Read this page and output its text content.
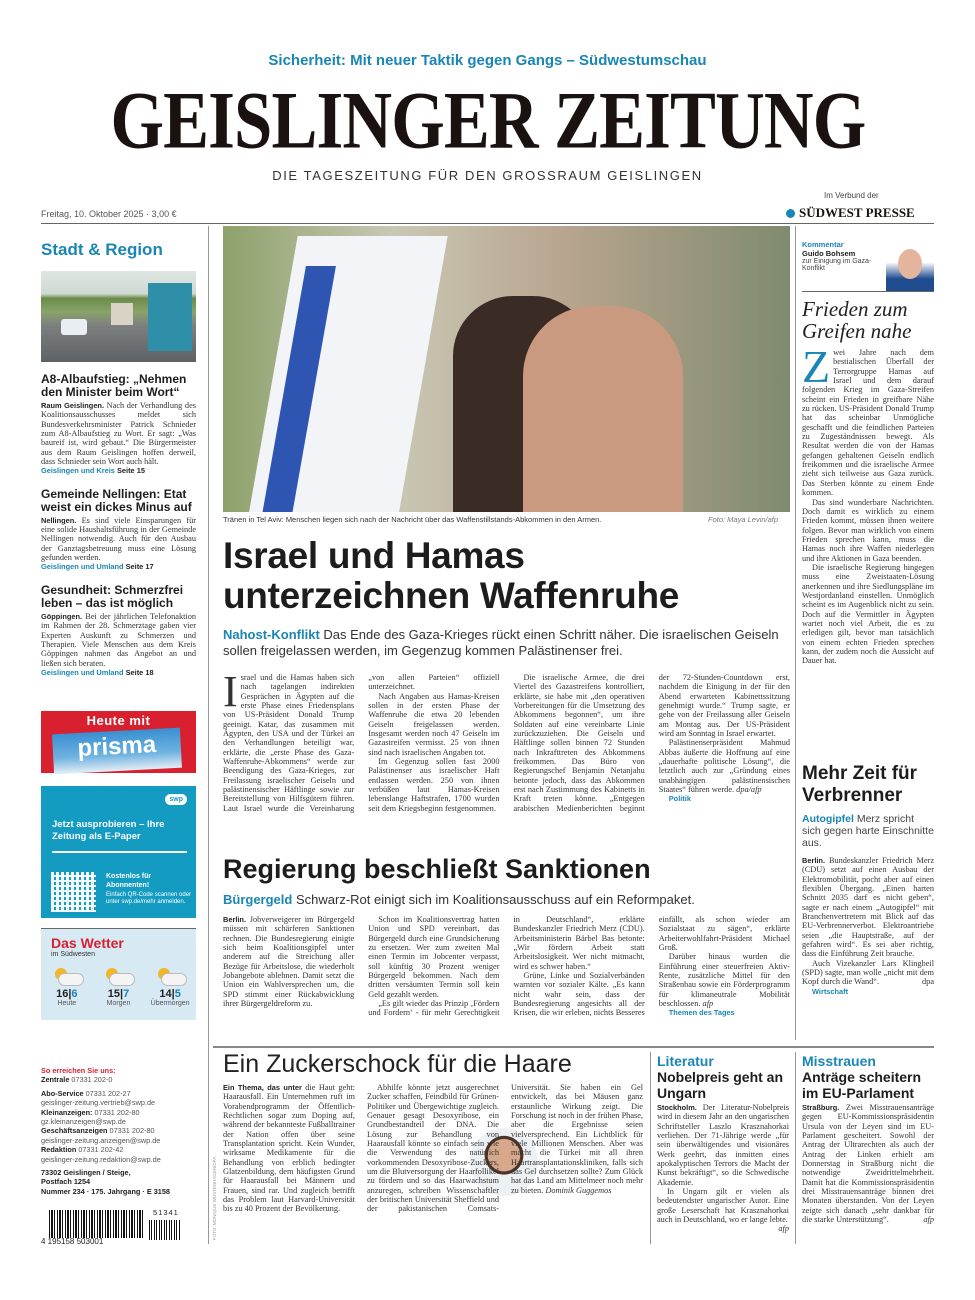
Sicherheit: Mit neuer Taktik gegen Gangs – Südwestumschau
GEISLINGER ZEITUNG
DIE TAGESZEITUNG FÜR DEN GROSSRAUM GEISLINGEN
Freitag, 10. Oktober 2025 · 3,00 €
Im Verbund der
SÜDWEST PRESSE
Stadt & Region
A8-Albaufstieg: „Nehmen den Minister beim Wort“

Raum Geislingen. Nach der Verhandlung des Koalitionsausschusses meldet sich Bundesverkehrsminister Patrick Schnieder zum A8-Albaufstieg zu Wort. Er sagt: „Was baureif ist, wird gebaut.“ Die Bürgermeister aus dem Raum Geislingen hoffen derweil, dass Schnieder sein Wort auch hält.
Geislingen und Kreis Seite 15

Gemeinde Nellingen: Etat weist ein dickes Minus auf

Nellingen. Es sind viele Einsparungen für eine solide Haushaltsführung in der Gemeinde Nellingen notwendig. Auch für den Ausbau der Ganztagsbetreuung muss eine Lösung gefunden werden.
Geislingen und Umland Seite 17

Gesundheit: Schmerzfrei leben – das ist möglich

Göppingen. Bei der jährlichen Telefonaktion im Rahmen der 28. Schmerztage gaben vier Experten Auskunft zu Schmerzen und Therapien. Viele Menschen aus dem Kreis Göppingen nahmen das Angebot an und ließen sich beraten.
Geislingen und Umland Seite 18

Heute mit
prisma
swp
Jetzt ausprobieren – Ihre Zeitung als E-Paper
Kostenlos für Abonnenten!
Einfach QR-Code scannen oder unter swp.de/mehr anmelden.
Das Wetter
im Südwesten
16|6
Heute
15|7
Morgen
14|5
Übermorgen
So erreichen Sie uns:
Zentrale 07331 202-0
Abo-Service 07331 202-27
geislinger-zeitung.vertrieb@swp.de
Kleinanzeigen: 07331 202-80
gz.kleinanzeigen@swp.de
Geschäftsanzeigen 07331 202-80
geislinger-zeitung.anzeigen@swp.de
Redaktion 07331 202-42
geislinger-zeitung.redaktion@swp.de
73302 Geislingen / Steige,
Postfach 1254
Nummer 234 · 175. Jahrgang · E 3158
51341
4 195158 503001
Tränen in Tel Aviv: Menschen liegen sich nach der Nachricht über das Waffenstillstands-Abkommen in den Armen.	Foto: Maya Levin/afp
Israel und Hamas
unterzeichnen Waffenruhe
Nahost-Konflikt Das Ende des Gaza-Krieges rückt einen Schritt näher. Die israelischen Geiseln sollen freigelassen werden, im Gegenzug kommen Palästinenser frei.

Israel und die Hamas haben sich nach tagelangen indirekten Gesprächen in Ägypten auf die erste Phase eines Friedensplans von US-Präsident Donald Trump geeinigt. Katar, das zusammen mit Ägypten, den USA und der Türkei an den Verhandlungen beteiligt war, erklärte, die „erste Phase des Gaza-Waffenruhe-Abkommens“ werde zur Beendigung des Gaza-Krieges, zur Freilassung israelischer Geiseln und palästinensischer Häftlinge sowie zur Bereitstellung von Hilfsgütern führen. Laut Israel wurde die Vereinbarung „von allen Parteien“ offiziell unterzeichnet.

Nach Angaben aus Hamas-Kreisen sollen in der ersten Phase der Waffenruhe die etwa 20 lebenden Geiseln freigelassen werden. Insgesamt werden noch 47 Geiseln im Gazastreifen vermisst. 25 von ihnen sind nach israelischen Angaben tot.

Im Gegenzug sollen fast 2000 Palästinenser aus israelischer Haft entlassen werden. 250 von ihnen verbüßen laut Hamas-Kreisen lebenslange Haftstrafen, 1700 wurden seit dem Kriegsbeginn festgenommen.

Die israelische Armee, die drei Viertel des Gazastreifens kontrolliert, erklärte, sie habe mit „den operativen Vorbereitungen für die Umsetzung des Abkommens begonnen“, um ihre Soldaten auf eine vereinbarte Linie zurückzuziehen. Die Geiseln und Häftlinge sollen binnen 72 Stunden nach Inkrafttreten des Abkommens freikommen. Das Büro von Regierungschef Benjamin Netanjahu betonte jedoch, dass das Abkommen erst nach Zustimmung des Kabinetts in Kraft treten könne. „Entgegen arabischen Medienberichten beginnt der 72-Stunden-Countdown erst, nachdem die Einigung in der für den Abend erwarteten Kabinettssitzung genehmigt wurde.“ Trump sagte, er gehe von der Freilassung aller Geiseln am Montag aus. Der US-Präsident wird am Sonntag in Israel erwartet.

Palästinenserpräsident Mahmud Abbas äußerte die Hoffnung auf eine „dauerhafte politische Lösung“, die letztlich auch zur „Gründung eines unabhängigen palästinensischen Staates“ führen werde. dpa/afp
Politik

Regierung beschließt Sanktionen
Bürgergeld Schwarz-Rot einigt sich im Koalitionsausschuss auf ein Reformpaket.

Berlin. Jobverweigerer im Bürgergeld müssen mit schärferen Sanktionen rechnen. Die Bundesregierung einigte sich beim Koalitionsgipfel unter anderem auf die Streichung aller Bezüge für Arbeitslose, die wiederholt Jobangebote ablehnen. Damit setzt die Union ein Wahlversprechen um, die SPD stimmt einer Rückabwicklung ihrer Bürgergeldreform zu.

Schon im Koalitionsvertrag hatten Union und SPD vereinbart, das Bürgergeld durch eine Grundsicherung zu ersetzen. Wer zum zweiten Mal einen Termin im Jobcenter verpasst, soll künftig 30 Prozent weniger Bürgergeld bekommen. Nach dem dritten versäumten Termin soll kein Geld gezahlt werden.

„Es gilt wieder das Prinzip ‚Fördern und Fordern‘ - für mehr Gerechtigkeit in Deutschland“, erklärte Bundeskanzler Friedrich Merz (CDU). Arbeitsministerin Bärbel Bas betonte: „Wir fördern Arbeit statt Arbeitslosigkeit. Wer nicht mitmacht, wird es schwer haben.“

Grüne, Linke und Sozialverbänden warnten vor sozialer Kälte. „Es kann nicht wahr sein, dass der Bundesregierung angesichts all der Krisen, die wir erleben, nichts Besseres einfällt, als schon wieder am Sozialstaat zu sägen“, erklärte Arbeiterwohlfahrt-Präsident Michael Groß.

Darüber hinaus wurden die Einführung einer steuerfreien Aktiv-Rente, zusätzliche Mittel für den Straßenbau sowie ein Förderprogramm für klimaneutrale Mobilität beschlossen. afp
Themen des Tages

Kommentar
Guido Bohsem
zur Einigung im Gaza-Konflikt
Frieden zum Greifen nahe

Zwei Jahre nach dem bestialischen Überfall der Terrorgruppe Hamas auf Israel und dem darauf folgenden Krieg im Gaza-Streifen scheint ein Frieden in greifbare Nähe zu rücken. US-Präsident Donald Trump hat das scheinbar Unmögliche geschafft und die feindlichen Parteien zu Zugeständnissen bewegt. Als Resultat werden die von der Hamas gefangen gehaltenen Geiseln endlich freikommen und die israelische Armee zieht sich teilweise aus Gaza zurück. Das Sterben könnte zu einem Ende kommen.

Das sind wunderbare Nachrichten. Doch damit es wirklich zu einem Frieden kommt, müssen ihnen weitere folgen. Bevor man wirklich von einem Frieden sprechen kann, muss die Hamas noch ihre Waffen niederlegen und ihre Aktionen in Gaza beenden.

Die israelische Regierung hingegen muss eine Zweistaaten-Lösung anerkennen und ihre Siedlungspläne im Westjordanland einstellen. Unmöglich scheint es im Augenblick nicht zu sein. Doch auf die Vermittler in Ägypten wartet noch viel Arbeit, die es zu erledigen gilt, bevor man tatsächlich von einem echten Frieden sprechen kann, der zudem noch die Aussicht auf Dauer hat.

Mehr Zeit für Verbrenner
Autogipfel Merz spricht sich gegen harte Einschnitte aus.

Berlin. Bundeskanzler Friedrich Merz (CDU) setzt auf einen Ausbau der Elektromobilität, pocht aber auf einen flexiblen Übergang. „Einen harten Schnitt 2035 darf es nicht geben“, sagte er nach einem „Autogipfel“ mit Branchenvertretern mit Blick auf das EU-Verbrennerverbot. Elektroantriebe seien „die Hauptstraße, auf der gefahren wird“. Es sei aber richtig, dass die Einführung Zeit brauche.

Auch Vizekanzler Lars Klingbeil (SPD) sagte, man wolle „nicht mit dem Kopf durch die Wand“.	dpa
Wirtschaft

Ein Zuckerschock für die Haare
FOTO: MONIQUE WÜSTENHAGEN/DPA

Ein Thema, das unter die Haut geht: Haarausfall. Ein Unternehmen ruft im Vorabendprogramm der Öffentlich-Rechtlichen sogar zum Doping auf, während der bekannteste Fußballtrainer der Nation offen über seine Transplantation spricht. Kein Wunder, wirksame Medikamente für die Behandlung von erblich bedingter Glatzenbildung, dem häufigsten Grund für Haarausfall bei Männern und Frauen, sind rar. Und zugleich betrifft das Problem laut Harvard-Universität bis zu 40 Prozent der Bevölkerung.

Abhilfe könnte jetzt ausgerechnet Zucker schaffen, Feindbild für Grünen-Politiker und Übergewichtige zugleich. Genauer gesagt Desoxyribose, ein Grundbestandteil der DNA. Die Lösung zur Behandlung von Haarausfall könnte so einfach sein wie die Verwendung des natürlich vorkommenden Desoxyribose-Zuckers, um die Blutversorgung der Haarfollikel zu fördern und so das Haarwachstum anzuregen, schreiben Wissenschaftler der britischen Universität Sheffield und der pakistanischen Comsats-Universität. Sie haben ein Gel entwickelt, das bei Mäusen ganz erstaunliche Wirkung zeigt. Die Forschung ist noch in der frühen Phase, aber die Ergebnisse seien vielversprechend. Ein Lichtblick für viele Millionen Menschen. Aber was macht die Türkei mit all ihren Haartransplantationskliniken, falls sich das Gel durchsetzen sollte? Zum Glück hat das Land am Mittelmeer noch mehr zu bieten. Dominik Guggemos

Literatur
Nobelpreis geht an Ungarn

Stockholm. Der Literatur-Nobelpreis wird in diesem Jahr an den ungarischen Schriftsteller Laszlo Krasznahorkai verliehen. Der 71-Jährige werde „für sein überwältigendes und visionäres Werk geehrt, das inmitten eines apokalyptischen Terrors die Macht der Kunst bekräftigt“, so die Schwedische Akademie.

In Ungarn gilt er vielen als bedeutendster ungarischer Autor. Eine große Leserschaft hat Krasznahorkai auch in Deutschland, wo er lange lebte.
afp

Misstrauen
Anträge scheitern im EU-Parlament

Straßburg. Zwei Misstrauensanträge gegen EU-Kommissionspräsidentin Ursula von der Leyen sind im EU-Parlament gescheitert. Sowohl der Antrag der Ultrarechten als auch der Antrag der Linken erhielt am Donnerstag in Straßburg nicht die notwendige Zweidrittelmehrheit. Damit hat die Kommissionspräsidentin drei Misstrauensanträge binnen drei Monaten überstanden. Von der Leyen zeigte sich danach „sehr dankbar für die starke Unterstützung“.	afp
